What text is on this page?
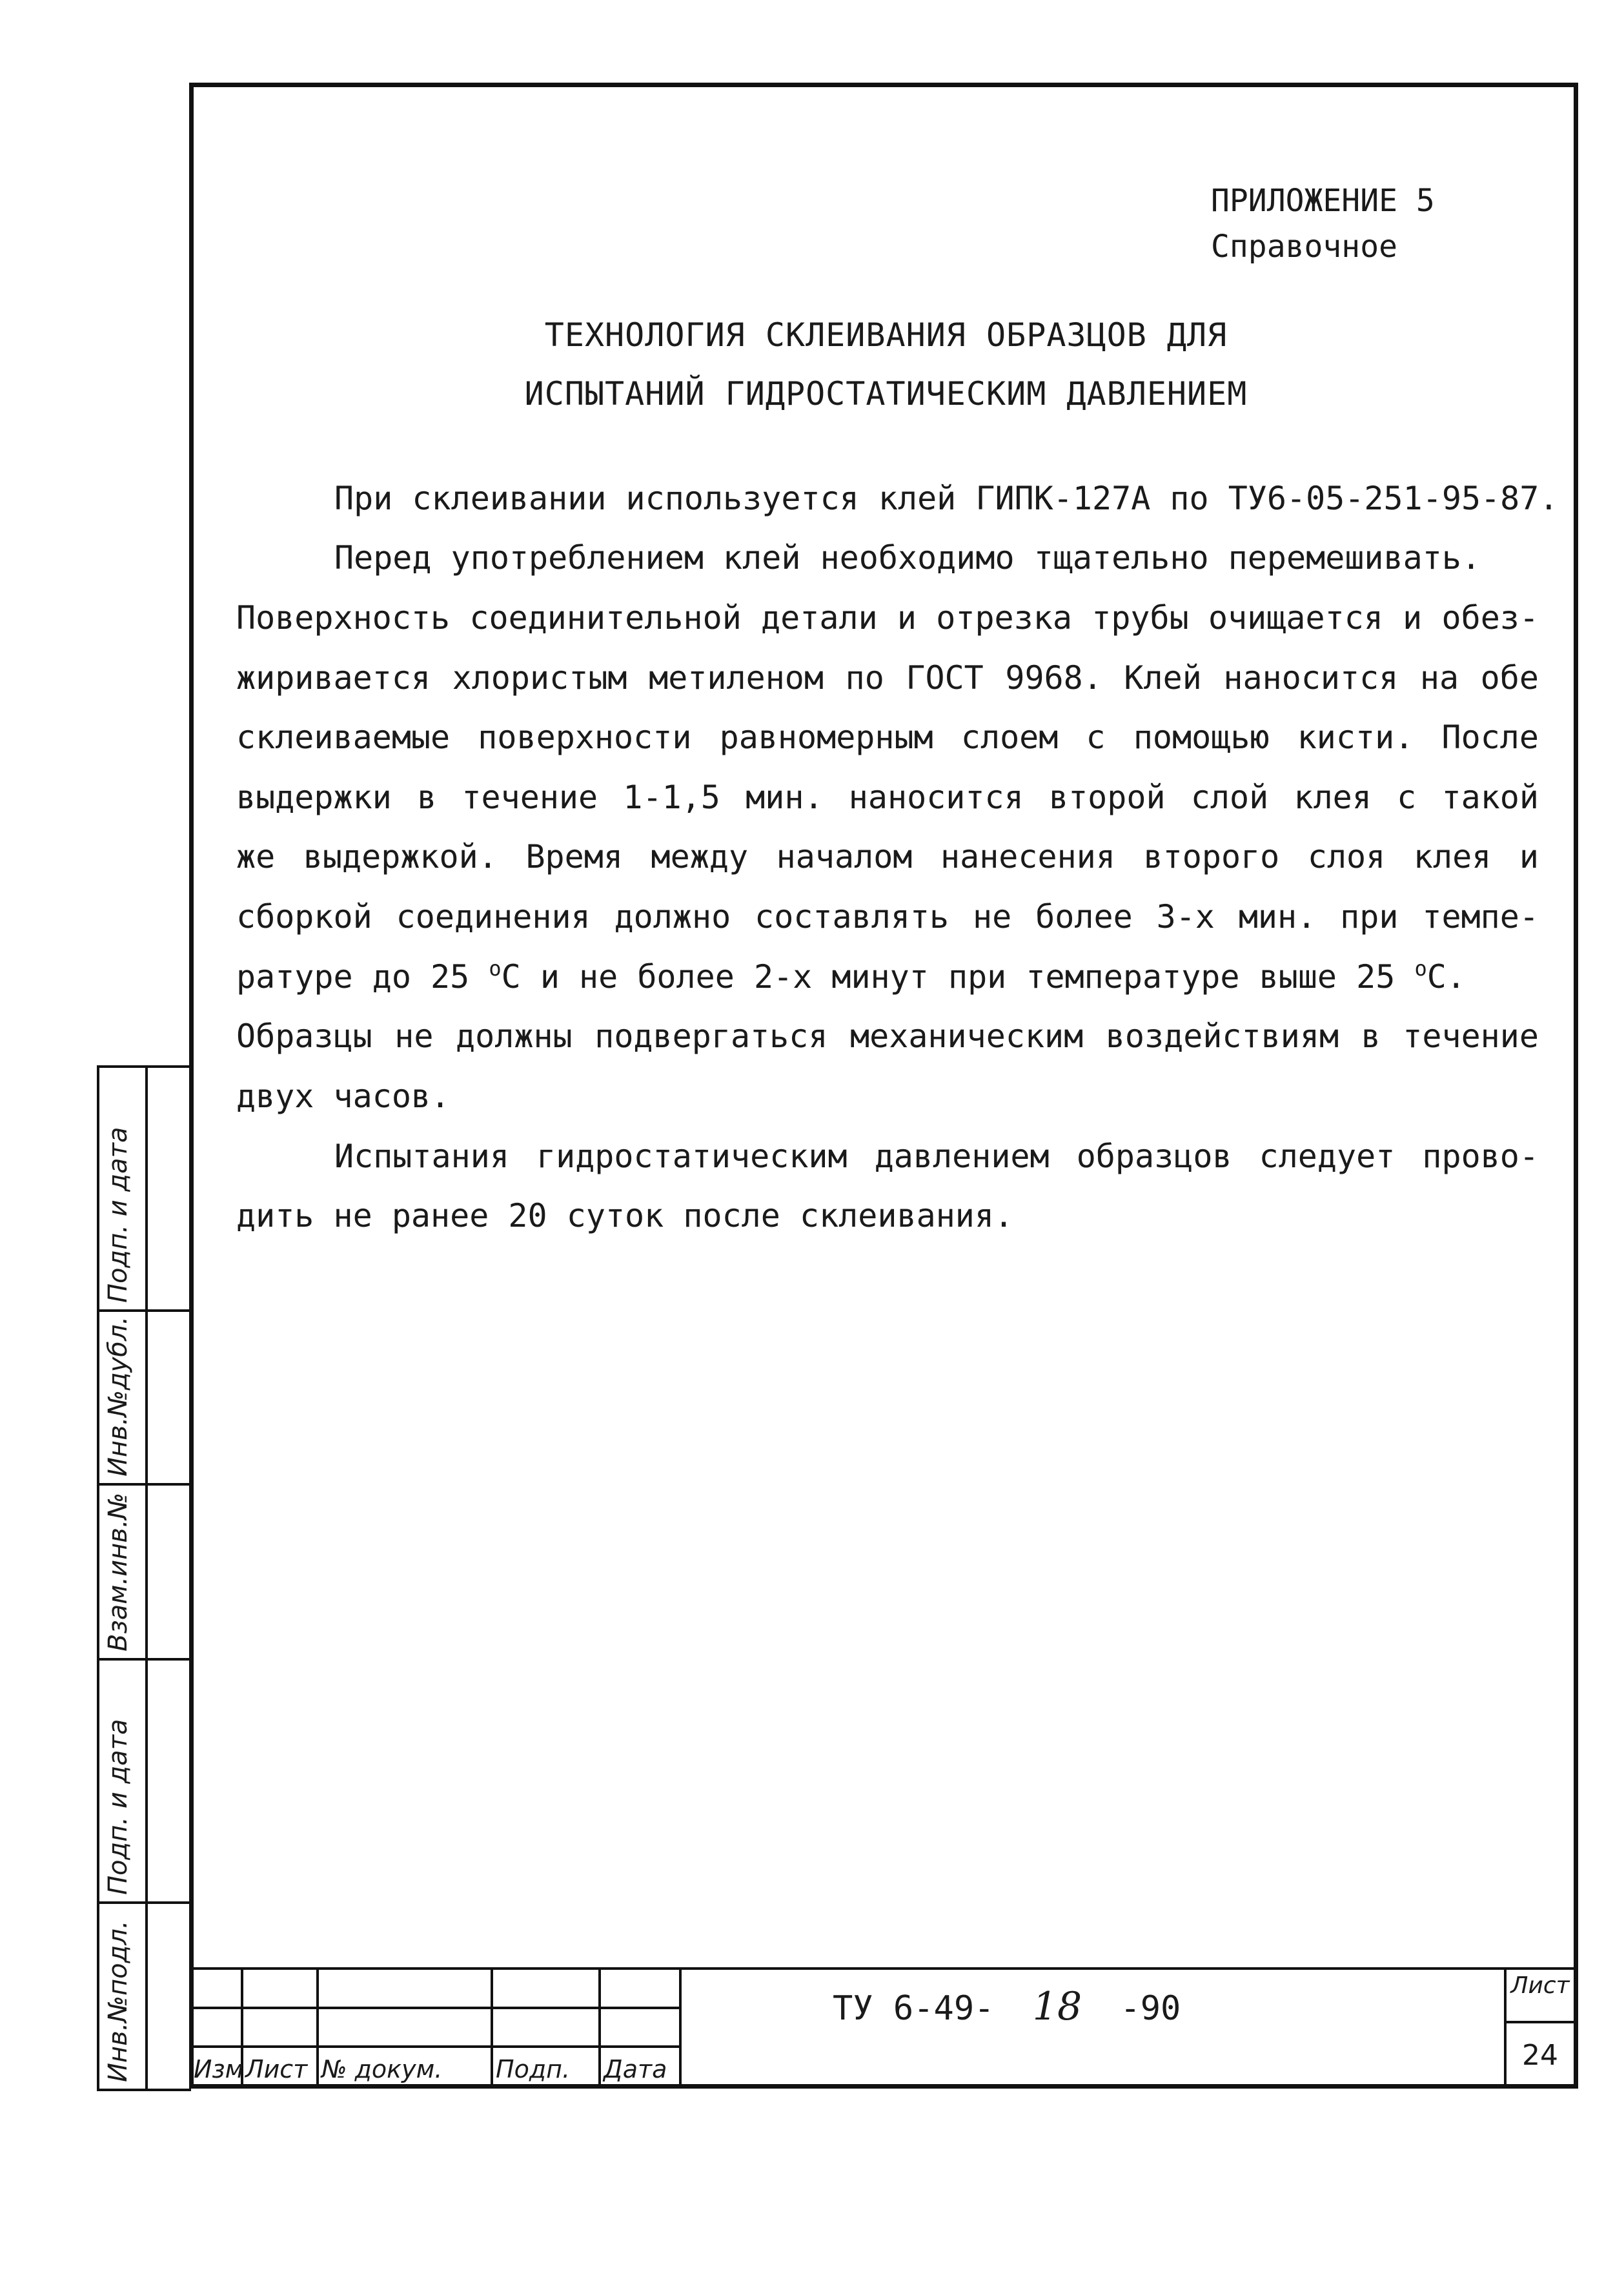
ПРИЛОЖЕНИЕ 5
Справочное
ТЕХНОЛОГИЯ СКЛЕИВАНИЯ ОБРАЗЦОВ ДЛЯ
ИСПЫТАНИЙ ГИДРОСТАТИЧЕСКИМ ДАВЛЕНИЕМ
При склеивании используется клей ГИПК-127А по ТУ6-05-251-95-87.
Перед употреблением клей необходимо тщательно перемешивать.
Поверхность соединительной детали и отрезка трубы очищается и обез-
жиривается хлористым метиленом по ГОСТ 9968. Клей наносится на обе
склеиваемые поверхности равномерным слоем с помощью кисти. После
выдержки в течение 1-1,5 мин. наносится второй слой клея с такой
же выдержкой. Время между началом нанесения второго слоя клея и
сборкой соединения должно составлять не более 3-х мин. при темпе-
ратуре до 25 $^о$С и не более 2-х минут при температуре выше 25 $^о$С.
Образцы не должны подвергаться механическим воздействиям в течение
двух часов.
Испытания гидростатическим давлением образцов следует прово-
дить не ранее 20 суток после склеивания.
Изм Лист № докум. Подп. Дата
ТУ 6-49- 18 -90
Лист
24
Инв.№подл.
Подп. и дата
Взам.инв.№
Инв.№дубл.
Подп. и дата
